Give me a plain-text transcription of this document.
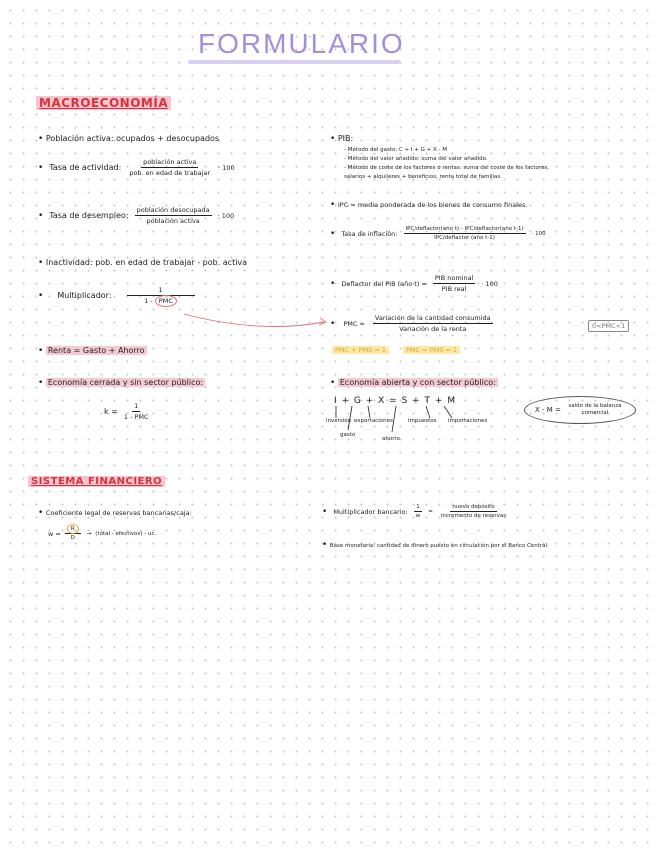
FORMULARIO
MACROECONOMÍA
• Población activa: ocupados + desocupados
• Tasa de actividad: $\frac{\text{población activa}}{\text{pob. en edad de trabajar}} \cdot 100$
• Tasa de desempleo: $\frac{\text{población desocupada}}{\text{población activa}} \cdot 100$
• Inactividad: pob. en edad de trabajar - pob. activa
• Multiplicador: $\frac{1}{\text{1 - PMC}}$
• Renta = Gasto + Ahorro
• Economía cerrada y sin sector público:
$k = \frac{1}{\text{1 - PMC}}$
• PIB:
- Método del gasto: C + I + G + X - M
- Método del valor añadido: suma del valor añadido.
- Método de coste de los factores o rentas: suma del coste de los factores,
salarios + alquileres + beneficios, renta total de familias.
• IPC = media ponderada de los bienes de consumo finales.
• Tasa de inflación: $\frac{\text{IPC/deflactor(año t) - IPC/deflactor(año t-1)}}{\text{IPC/deflactor (año t-1)}} \cdot 100$
• Deflactor del PIB (año $t) = \frac{\text{PIB nominal}}{\text{PIB real}} \cdot 100$
• PMC = $\frac{\text{Variación de la cantidad consumida}}{\text{Variación de la renta}}$	0<PMC<1
PMC + PMS = 1	PMC = PMS = 1
• Economía abierta y con sector público:
I + G + X = S + T + M
inversión
gasto
exportaciones
ahorro
impuestos importaciones
X - M =	saldo de la balanza comercial
SISTEMA FINANCIERO
• Coeficiente legal de reservas bancarias/caja:
$w = \frac{R}{D}$ → (total - efectivos) - uc.
• Multiplicador bancario: $\frac{1}{w} = \frac{\text{nuevo depósito}}{\text{incremento de reservas}}$
• Base monetaria: cantidad de dinero puesto en circulación por el Banco Central.
